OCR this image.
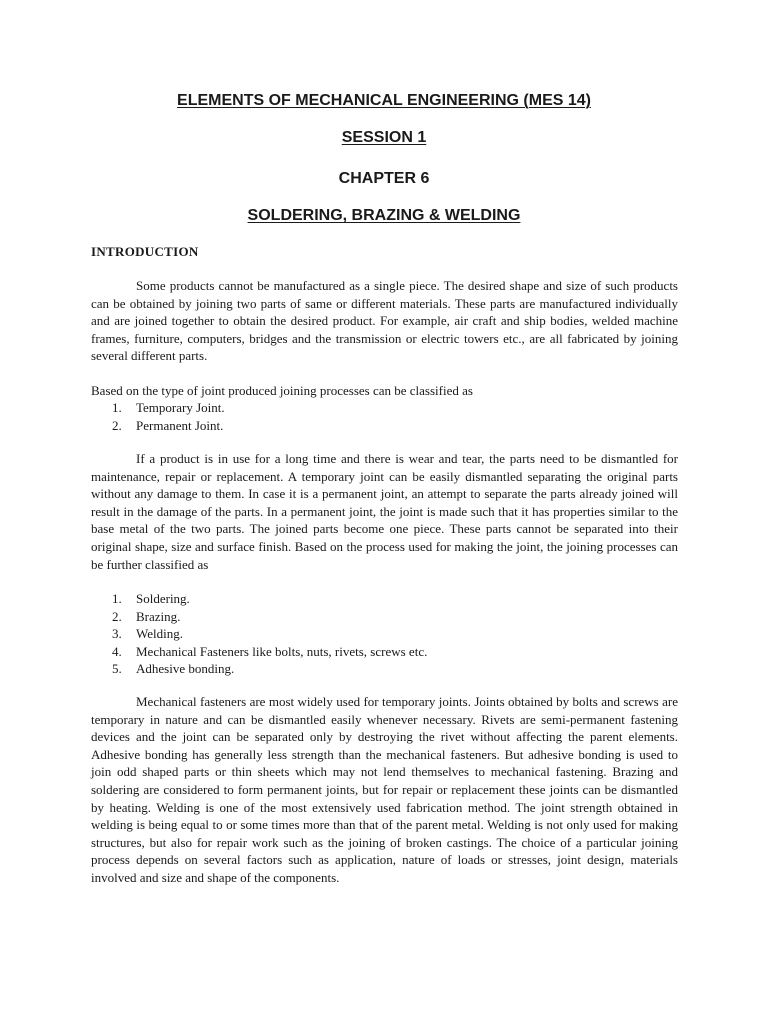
ELEMENTS OF MECHANICAL ENGINEERING (MES 14)
SESSION 1
CHAPTER 6
SOLDERING, BRAZING & WELDING
INTRODUCTION

Some products cannot be manufactured as a single piece. The desired shape and size of such products can be obtained by joining two parts of same or different materials. These parts are manufactured individually and are joined together to obtain the desired product. For example, air craft and ship bodies, welded machine frames, furniture, computers, bridges and the transmission or electric towers etc., are all fabricated by joining several different parts.

Based on the type of joint produced joining processes can be classified as

1. Temporary Joint.
2. Permanent Joint.

If a product is in use for a long time and there is wear and tear, the parts need to be dismantled for maintenance, repair or replacement. A temporary joint can be easily dismantled separating the original parts without any damage to them. In case it is a permanent joint, an attempt to separate the parts already joined will result in the damage of the parts. In a permanent joint, the joint is made such that it has properties similar to the base metal of the two parts. The joined parts become one piece. These parts cannot be separated into their original shape, size and surface finish. Based on the process used for making the joint, the joining processes can be further classified as

1. Soldering.
2. Brazing.
3. Welding.
4. Mechanical Fasteners like bolts, nuts, rivets, screws etc.
5. Adhesive bonding.

Mechanical fasteners are most widely used for temporary joints. Joints obtained by bolts and screws are temporary in nature and can be dismantled easily whenever necessary. Rivets are semi-permanent fastening devices and the joint can be separated only by destroying the rivet without affecting the parent elements. Adhesive bonding has generally less strength than the mechanical fasteners. But adhesive bonding is used to join odd shaped parts or thin sheets which may not lend themselves to mechanical fastening. Brazing and soldering are considered to form permanent joints, but for repair or replacement these joints can be dismantled by heating. Welding is one of the most extensively used fabrication method. The joint strength obtained in welding is being equal to or some times more than that of the parent metal. Welding is not only used for making structures, but also for repair work such as the joining of broken castings. The choice of a particular joining process depends on several factors such as application, nature of loads or stresses, joint design, materials involved and size and shape of the components.
